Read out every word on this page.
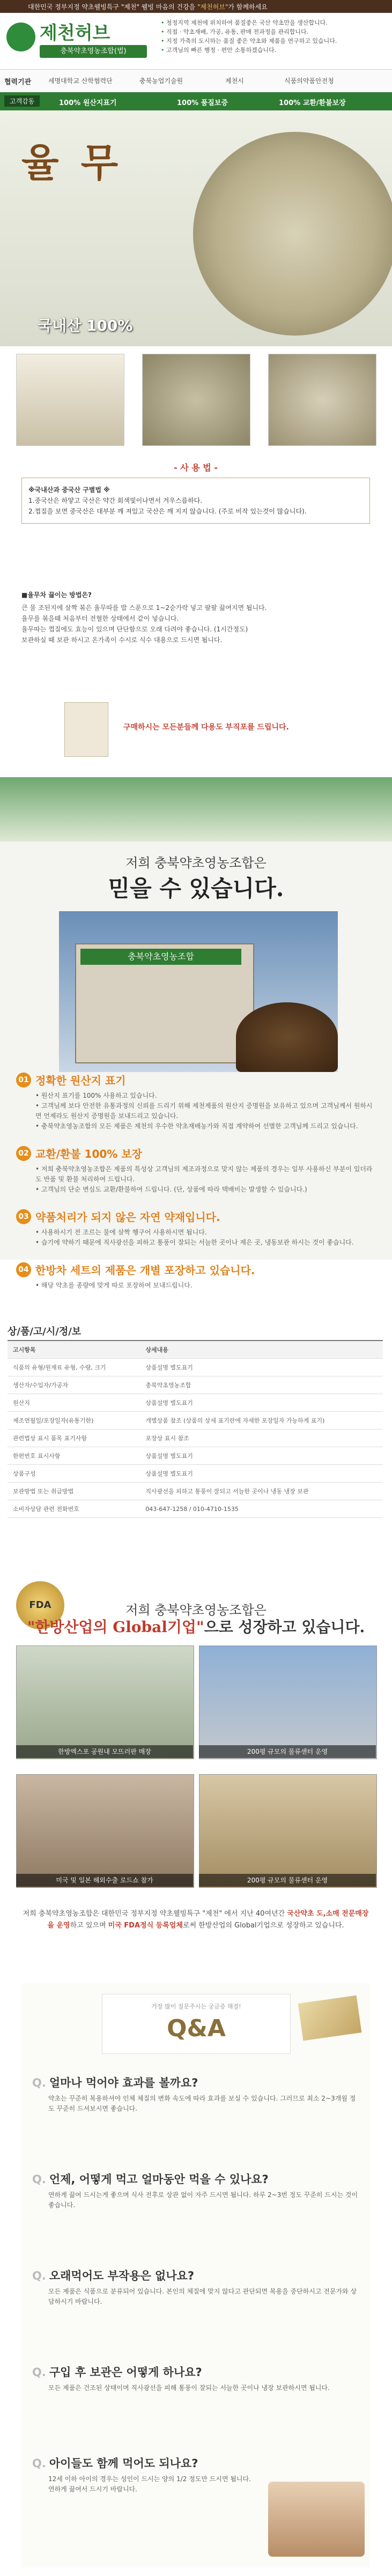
대한민국 정부지정 약초웰빙특구 "제천" 웰빙 마음의 건강을 "제천허브"가 함께하세요
제천허브
충북약초영농조합(법)
• 청정지역 제천에 위치하여 품질좋은 국산 약초만을 생산합니다.
• 직접 · 약초재배, 가공, 유통, 판매 전과정을 관리합니다.
• 지정 가축의 도시하는 품질 좋은 약초와 제품을 연구하고 있습니다.
• 고객님의 빠른 행정 · 편안 소통하겠습니다.
협력기관	세명대학교 산학협력단	충북농업기술원	제천시	식품의약품안전청
고객감동	100% 원산지표기	100% 품질보증	100% 교환/환불보장
율 무
국내산 100%
- 사 용 법 -
※국내산과 중국산 구별법 ※
1.중국산은 하얗고 국산은 약간 회색빛이나면서 겨우스름하다.
2.껍질을 보면 중국산은 대부분 깨 져있고 국산은 깨 지지 않습니다. (주로 비작 있는것이 많습니다).
■율무차 끓이는 방법은?
큰 물 조된지에 살짝 볶은 율무따를 밥 스푼으로 1~2숟가락 넣고 팔팔 끓여지면 됩니다.
율무를 볶을때 처음부터 전혈한 상태에서 같이 넣습니다.
율무따는 껍질에도 효능이 있으며 단단함으로 오래 다려야 좋습니다. (1시간정도)
보관하실 때 보관 하시고 온가족이 수시로 식수 대용으로 드시면 됩니다.
구매하시는 모든분들께 다용도 부직포를 드립니다.
저희 충북약초영농조합은
믿을 수 있습니다.
충북약초영농조합
01 정확한 원산지 표기
• 원산지 표기를 100% 사용하고 있습니다.
• 고객님께 보다 안전한 유통과정의 신뢰를 드리기 위해 제천제품의 원산지 증명원을 보유하고 있으며 고객님께서 원하시면 언제라도 원산지 증명원을 보내드리고 있습니다.
• 충북약초영농조합의 모든 제품은 제천의 우수한 약초재배농가와 직접 계약하여 선별한 고객님께 드리고 있습니다.
02 교환/환불 100% 보장
• 저희 충북약초영농조합은 제품의 특성상 고객님의 제조과정으로 맞지 않는 제품의 경우는 일부 사용하신 부분이 있더라도 반품 및 환불 처리하여 드립니다.
• 고객님의 단순 변심도 교환/환불하여 드립니다. (단, 상품에 따라 택배비는 발생할 수 있습니다.)
03 약품처리가 되지 않은 자연 약재입니다.
• 사용하시기 전 조르는 물에 살짝 헹구어 사용하시면 됩니다.
• 습기에 약하기 때문에 직사광선을 피하고 통풍이 잘되는 서늘한 곳이나 제은 곳, 냉동보관 하시는 것이 좋습니다.
04 한방차 세트의 제품은 개별 포장하고 있습니다.
• 해당 약초를 종량에 맞게 따로 포장하여 보내드립니다.
상/품/고/시/정/보
고시항목	상세내용
식품의 유형/원재료 유형, 수량, 크기	상품설명 별도표기
생산자/수입자/가공자	충북약초영농조합
원산지	상품설명 별도표기
제조연월일/포장일자(유통기한)	개별상품 참조 (상품의 상세 표기란에 자세한 포장일자 가능하게 표기)
관련법상 표시 품목 표기사항	포장상 표시 참조
한편번호 표시사항	상품설명 별도표기
상품구성	상품설명 별도표기
보관방법 또는 취급방법	직사광선을 피하고 통풍이 잘되고 서늘한 곳이나 냉동 냉장 보관
소비자상담 관련 전화번호	043-647-1258 / 010-4710-1535
FDA	저희 충북약초영농조합은
"한방산업의 Global기업"으로 성장하고 있습니다.
한방엑스포 공원내 모뜨러판 매장	200평 규모의 물류센터 운영
미국 및 일본 해외수출 로드쇼 참가	200평 규모의 물류센터 운영
저희 충북약초영농조합은 대한민국 정부지정 약초웰빙특구 "제천" 에서 지난 40여년간 국산약초 도,소매 전문매장을 운영하고 있으며 미국 FDA정식 등록업체로써 한방산업의 Global기업으로 성장하고 있습니다.
가장 많이 질문주시는 궁금증 해결!
Q&A
Q. 얼마나 먹어야 효과를 볼까요?
약초는 꾸준히 복용하셔야 인체 체질의 변화 속도에 따라 효과를 보실 수 있습니다. 그러므로 최소 2~3개월 정도 꾸준히 드셔보시면 좋습니다.
Q. 언제, 어떻게 먹고 얼마동안 먹을 수 있나요?
연하게 끓여 드시는게 좋으며 식사 전후로 상관 없이 자주 드시면 됩니다. 하루 2~3번 정도 꾸준히 드시는 것이 좋습니다.
Q. 오래먹어도 부작용은 없나요?
모든 제품은 식품으로 분류되어 있습니다. 본인의 체질에 맞지 않다고 판단되면 복용을 중단하시고 전문가와 상담하시기 바랍니다.
Q. 구입 후 보관은 어떻게 하나요?
모든 제품은 건조된 상태이며 직사광선을 피해 통풍이 잘되는 서늘한 곳이나 냉장 보관하시면 됩니다.
Q. 아이들도 함께 먹어도 되나요?
12세 이하 아이의 경우는 성인이 드시는 양의 1/2 정도만 드시면 됩니다. 연하게 끓여서 드시기 바랍니다.
